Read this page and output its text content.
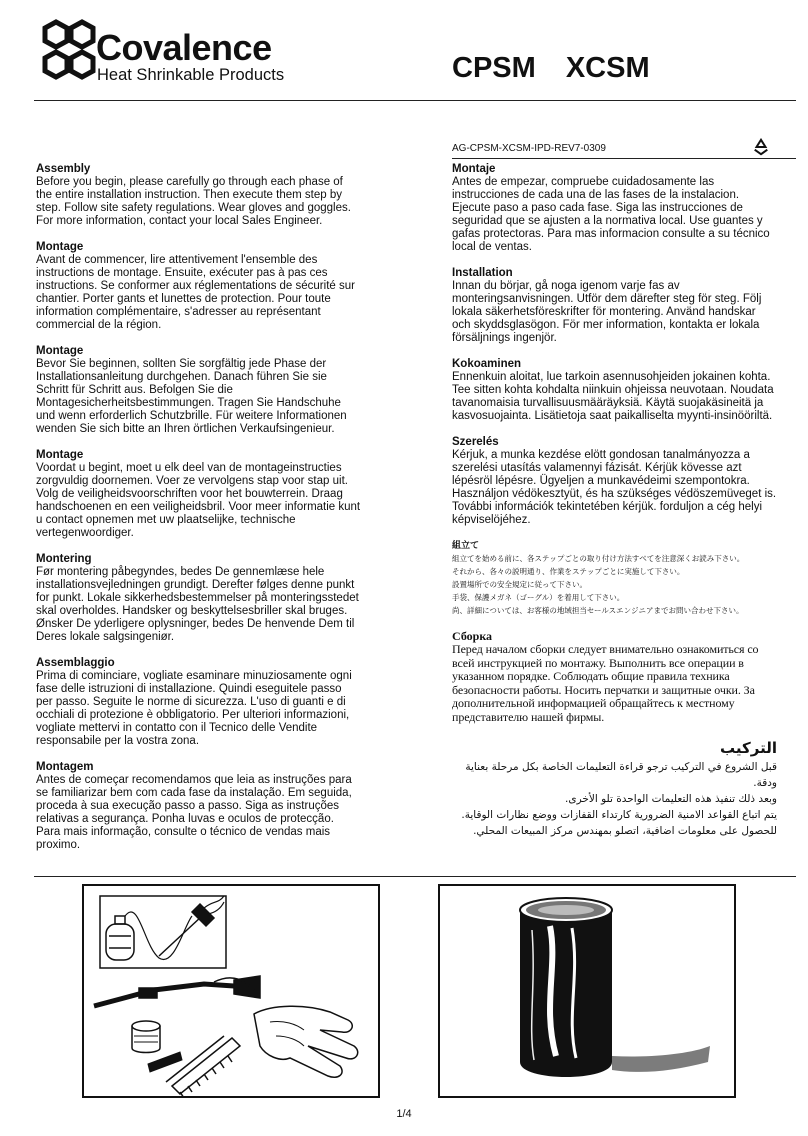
Covalence
Heat Shrinkable Products	CPSM XCSM
AG-CPSM-XCSM-IPD-REV7-0309
Assembly

Before you begin, please carefully go through each phase of the entire installation instruction. Then execute them step by step. Follow site safety regulations. Wear gloves and goggles. For more information, contact your local Sales Engineer.

Montage

Avant de commencer, lire attentivement l'ensemble des instructions de montage. Ensuite, exécuter pas à pas ces instructions. Se conformer aux réglementations de sécurité sur chantier. Porter gants et lunettes de protection. Pour toute information complémentaire, s'adresser au représentant commercial de la région.

Montage

Bevor Sie beginnen, sollten Sie sorgfältig jede Phase der Installationsanleitung durchgehen. Danach führen Sie sie Schritt für Schritt aus. Befolgen Sie die Montagesicherheitsbestimmungen. Tragen Sie Handschuhe und wenn erforderlich Schutzbrille. Für weitere Informationen wenden Sie sich bitte an Ihren örtlichen Verkaufsingenieur.

Montage

Voordat u begint, moet u elk deel van de montageinstructies zorgvuldig doornemen. Voer ze vervolgens stap voor stap uit. Volg de veiligheidsvoorschriften voor het bouwterrein. Draag handschoenen en een veiligheidsbril. Voor meer informatie kunt u contact opnemen met uw plaatselijke, technische vertegenwoordiger.

Montering

Før montering påbegyndes, bedes De gennemlæse hele installationsvejledningen grundigt. Derefter følges denne punkt for punkt. Lokale sikkerhedsbestemmelser på monteringsstedet skal overholdes. Handsker og beskyttelsesbriller skal bruges. Ønsker De yderligere oplysninger, bedes De henvende Dem til Deres lokale salgsingeniør.

Assemblaggio

Prima di cominciare, vogliate esaminare minuziosamente ogni fase delle istruzioni di installazione. Quindi eseguitele passo per passo. Seguite le norme di sicurezza. L'uso di guanti e di occhiali di protezione è obbligatorio. Per ulteriori informazioni, vogliate mettervi in contatto con il Tecnico delle Vendite responsabile per la vostra zona.

Montagem

Antes de começar recomendamos que leia as instruções para se familiarizar bem com cada fase da instalação. Em seguida, proceda à sua execução passo a passo. Siga as instruções relativas a segurança. Ponha luvas e oculos de protecção. Para mais informação, consulte o técnico de vendas mais proximo.

Montaje

Antes de empezar, compruebe cuidadosamente las instrucciones de cada una de las fases de la instalacion. Ejecute paso a paso cada fase. Siga las instrucciones de seguridad que se ajusten a la normativa local. Use guantes y gafas protectoras. Para mas informacion consulte a su técnico local de ventas.

Installation

Innan du börjar, gå noga igenom varje fas av monteringsanvisningen. Utför dem därefter steg för steg. Följ lokala säkerhetsföreskrifter för montering. Använd handskar och skyddsglasögon. För mer information, kontakta er lokala försäljnings ingenjör.

Kokoaminen

Ennenkuin aloitat, lue tarkoin asennusohjeiden jokainen kohta. Tee sitten kohta kohdalta niinkuin ohjeissa neuvotaan. Noudata tavanomaisia turvallisuusmääräyksiä. Käytä suojakäsineitä ja kasvosuojainta. Lisätietoja saat paikalliselta myynti-insinööriltä.

Szerelés

Kérjuk, a munka kezdése elött gondosan tanalmányozza a szerelési utasítás valamennyi fázisát. Kérjük kövesse azt lépésröl lépésre. Ügyeljen a munkavédeimi szempontokra. Használjon védökesztyüt, és ha szükséges védöszemüveget is. További információk tekintetében kérjük. forduljon a cég helyi képviselöjéhez.

組立て

組立てを始める前に、各ステップごとの取り付け方法すべてを注意深くお読み下さい。

それから、各々の説明通り、作業をステップごとに実施して下さい。

設置場所での安全規定に従って下さい。

手袋、保護メガネ（ゴーグル）を着用して下さい。

尚、詳細については、お客様の地域担当セールスエンジニアまでお問い合わせ下さい。

Сборка

Перед началом сборки следует внимательно ознакомиться со всей инструкцией по монтажу. Выполнить все операции в указанном порядке. Соблюдать общие правила техника безопасности работы. Носить перчатки и защитные очки. За дополнительной информацией обращайтесь к местному представителю нашей фирмы.

التركيب

قبل الشروع في التركيب ترجو قراءة التعليمات الخاصة بكل مرحلة بعناية ودقة.

وبعد ذلك تنفيذ هذه التعليمات الواحدة تلو الأخرى.

يتم اتباع القواعد الامنية الضرورية كارتداء القفازات ووضع نظارات الوقاية.

للحصول على معلومات اضافية، اتصلو بمهندس مركز المبيعات المحلي.

1/4
